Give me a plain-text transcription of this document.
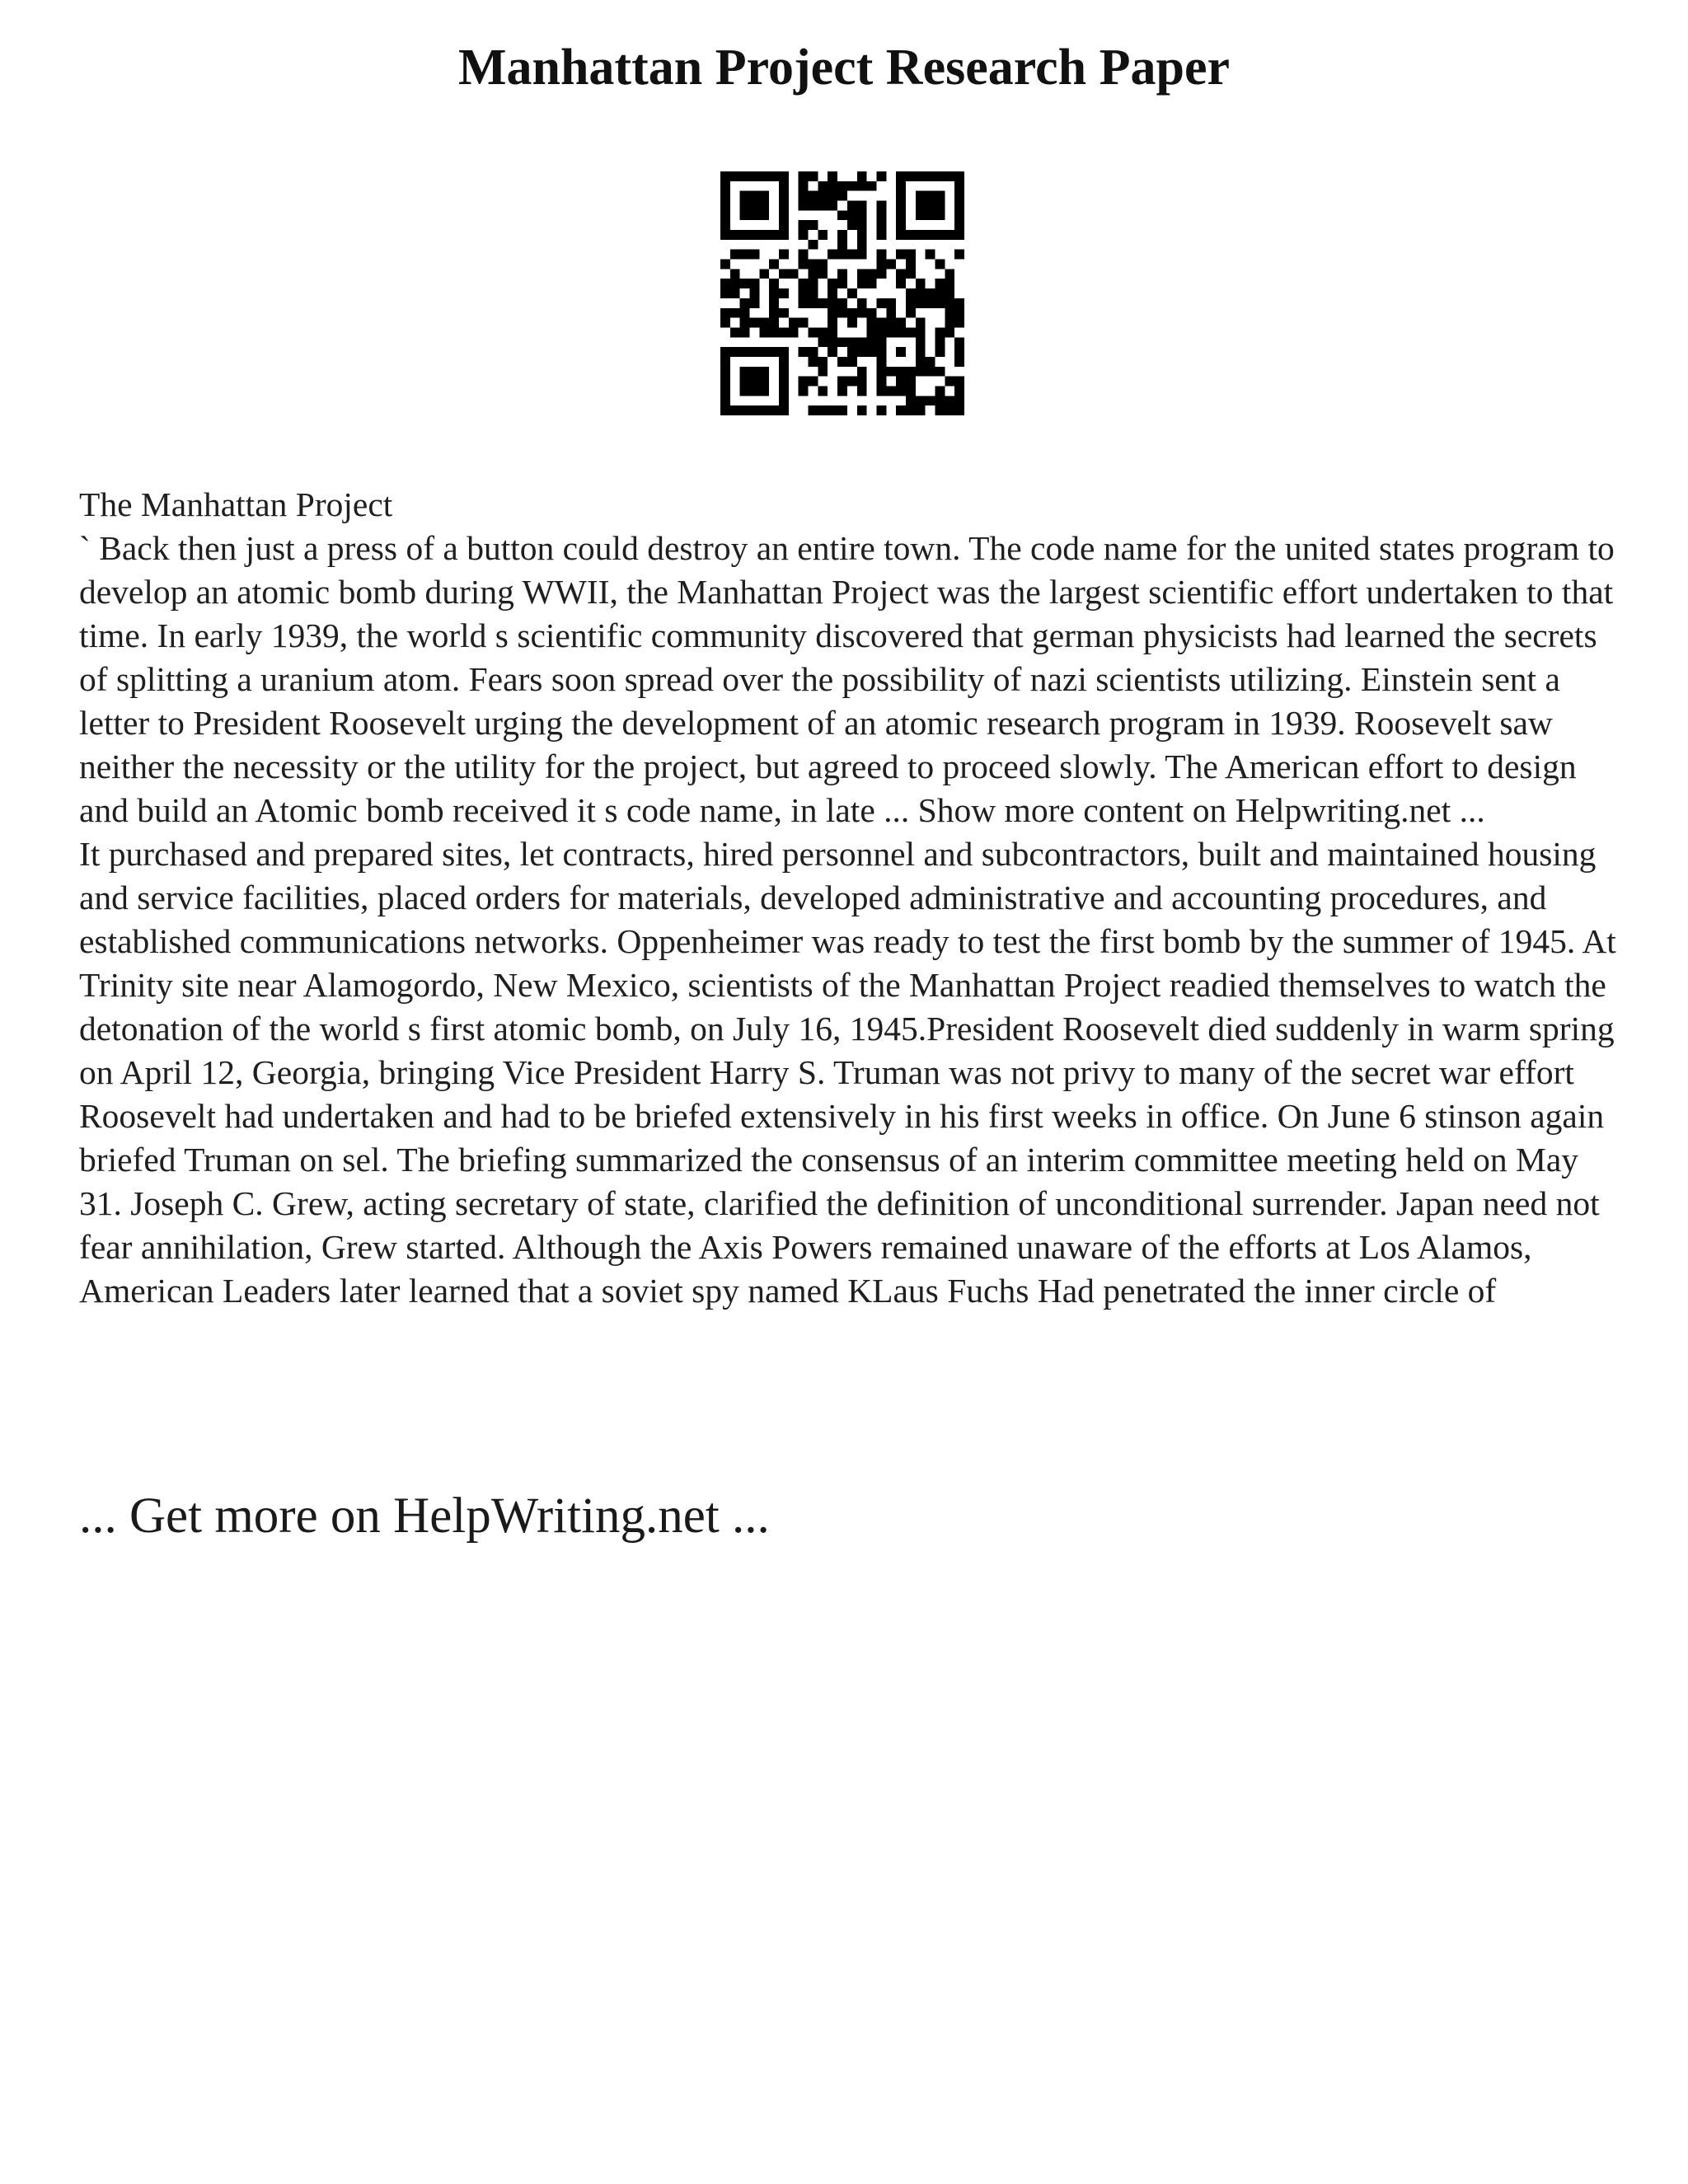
Manhattan Project Research Paper

The Manhattan Project

` Back then just a press of a button could destroy an entire town. The code name for the united states program to develop an atomic bomb during WWII, the Manhattan Project was the largest scientific effort undertaken to that time. In early 1939, the world s scientific community discovered that german physicists had learned the secrets of splitting a uranium atom. Fears soon spread over the possibility of nazi scientists utilizing. Einstein sent a letter to President Roosevelt urging the development of an atomic research program in 1939. Roosevelt saw neither the necessity or the utility for the project, but agreed to proceed slowly. The American effort to design and build an Atomic bomb received it s code name, in late ... Show more content on Helpwriting.net ...

It purchased and prepared sites, let contracts, hired personnel and subcontractors, built and maintained housing and service facilities, placed orders for materials, developed administrative and accounting procedures, and established communications networks. Oppenheimer was ready to test the first bomb by the summer of 1945. At Trinity site near Alamogordo, New Mexico, scientists of the Manhattan Project readied themselves to watch the detonation of the world s first atomic bomb, on July 16, 1945.President Roosevelt died suddenly in warm spring on April 12, Georgia, bringing Vice President Harry S. Truman was not privy to many of the secret war effort Roosevelt had undertaken and had to be briefed extensively in his first weeks in office. On June 6 stinson again briefed Truman on sel. The briefing summarized the consensus of an interim committee meeting held on May 31. Joseph C. Grew, acting secretary of state, clarified the definition of unconditional surrender. Japan need not fear annihilation, Grew started. Although the Axis Powers remained unaware of the efforts at Los Alamos, American Leaders later learned that a soviet spy named KLaus Fuchs Had penetrated the inner circle of

... Get more on HelpWriting.net ...
